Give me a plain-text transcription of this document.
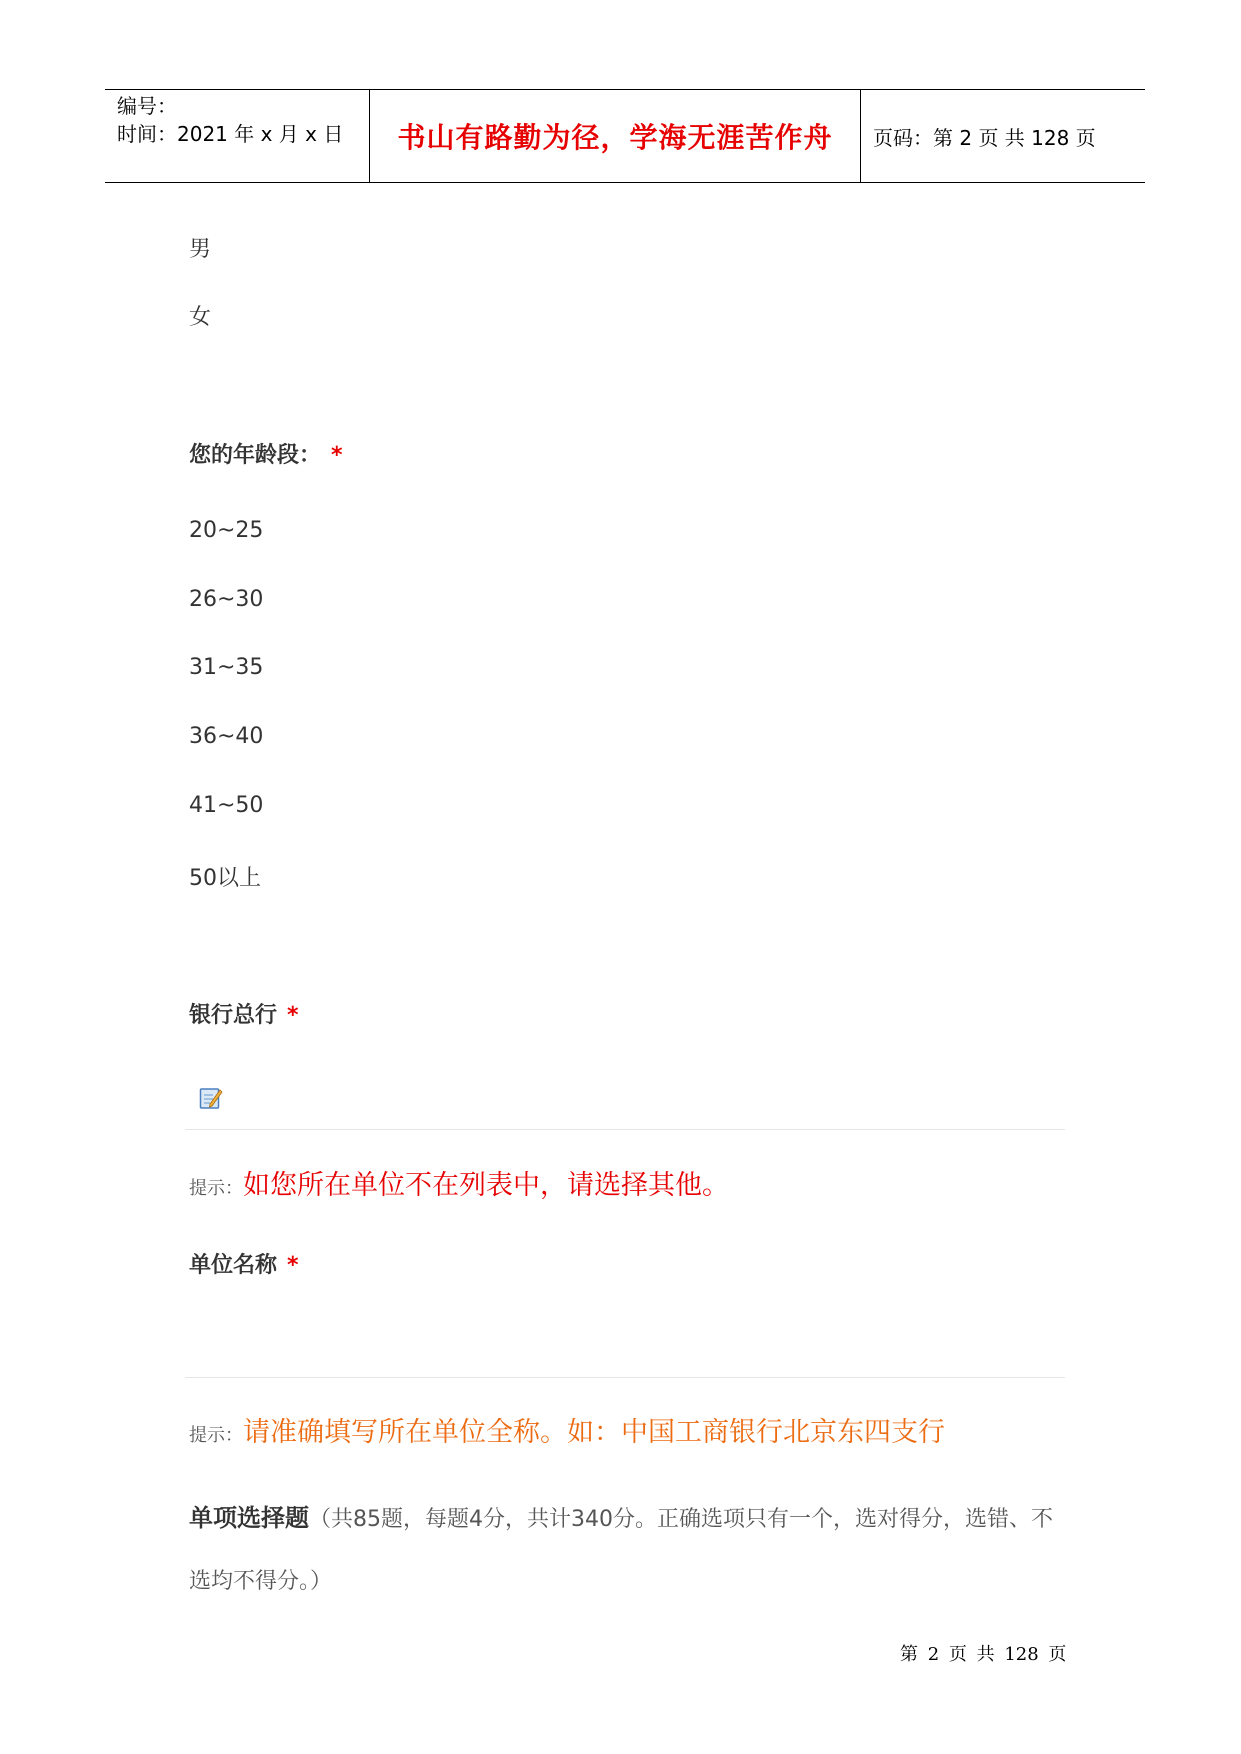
编号：
时间：2021 年 x 月 x 日	书山有路勤为径，学海无涯苦作舟	页码：第 2 页 共 128 页
男
女
您的年龄段： *
20~25
26~30
31~35
36~40
41~50
50以上
银行总行 *
提示：如您所在单位不在列表中，请选择其他。
单位名称 *
提示：请准确填写所在单位全称。如：中国工商银行北京东四支行
单项选择题（共85题，每题4分，共计340分。正确选项只有一个，选对得分，选错、不选均不得分。）
第 2 页 共 128 页
